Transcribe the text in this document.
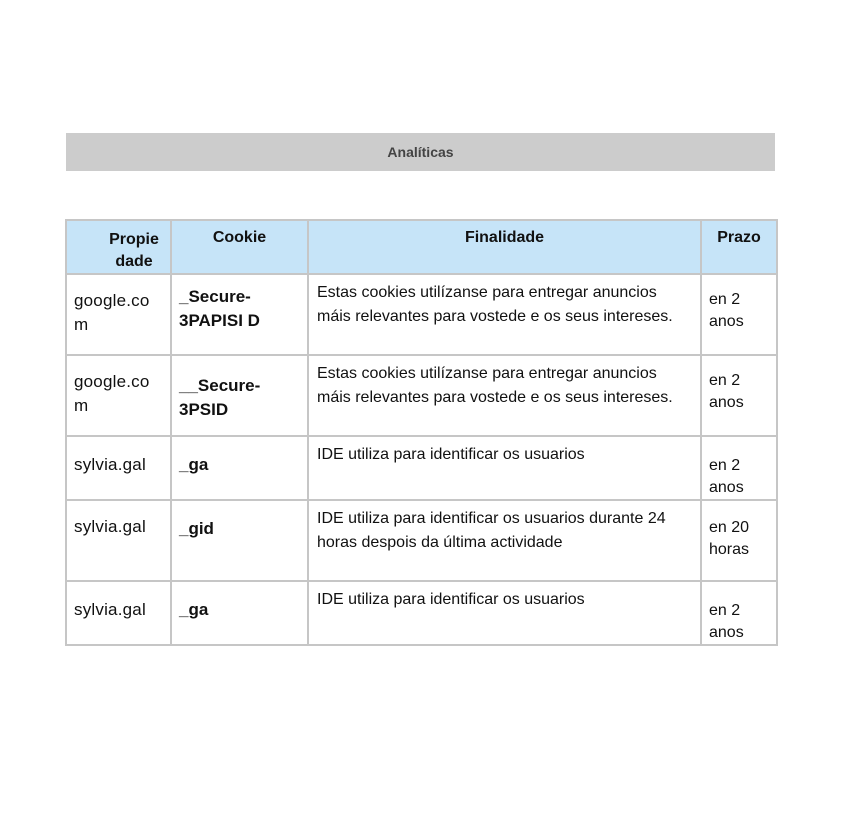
Analíticas
Propie dade	Cookie	Finalidade	Prazo
google.co m	_Secure- 3PAPISI D	Estas cookies utilízanse para entregar anuncios máis relevantes para vostede e os seus intereses.	en 2 anos
google.co m	__Secure- 3PSID	Estas cookies utilízanse para entregar anuncios máis relevantes para vostede e os seus intereses.	en 2 anos
sylvia.gal	_ga	IDE utiliza para identificar os usuarios	en 2 anos
sylvia.gal	_gid	IDE utiliza para identificar os usuarios durante 24 horas despois da última actividade	en 20 horas
sylvia.gal	_ga	IDE utiliza para identificar os usuarios	en 2 anos
